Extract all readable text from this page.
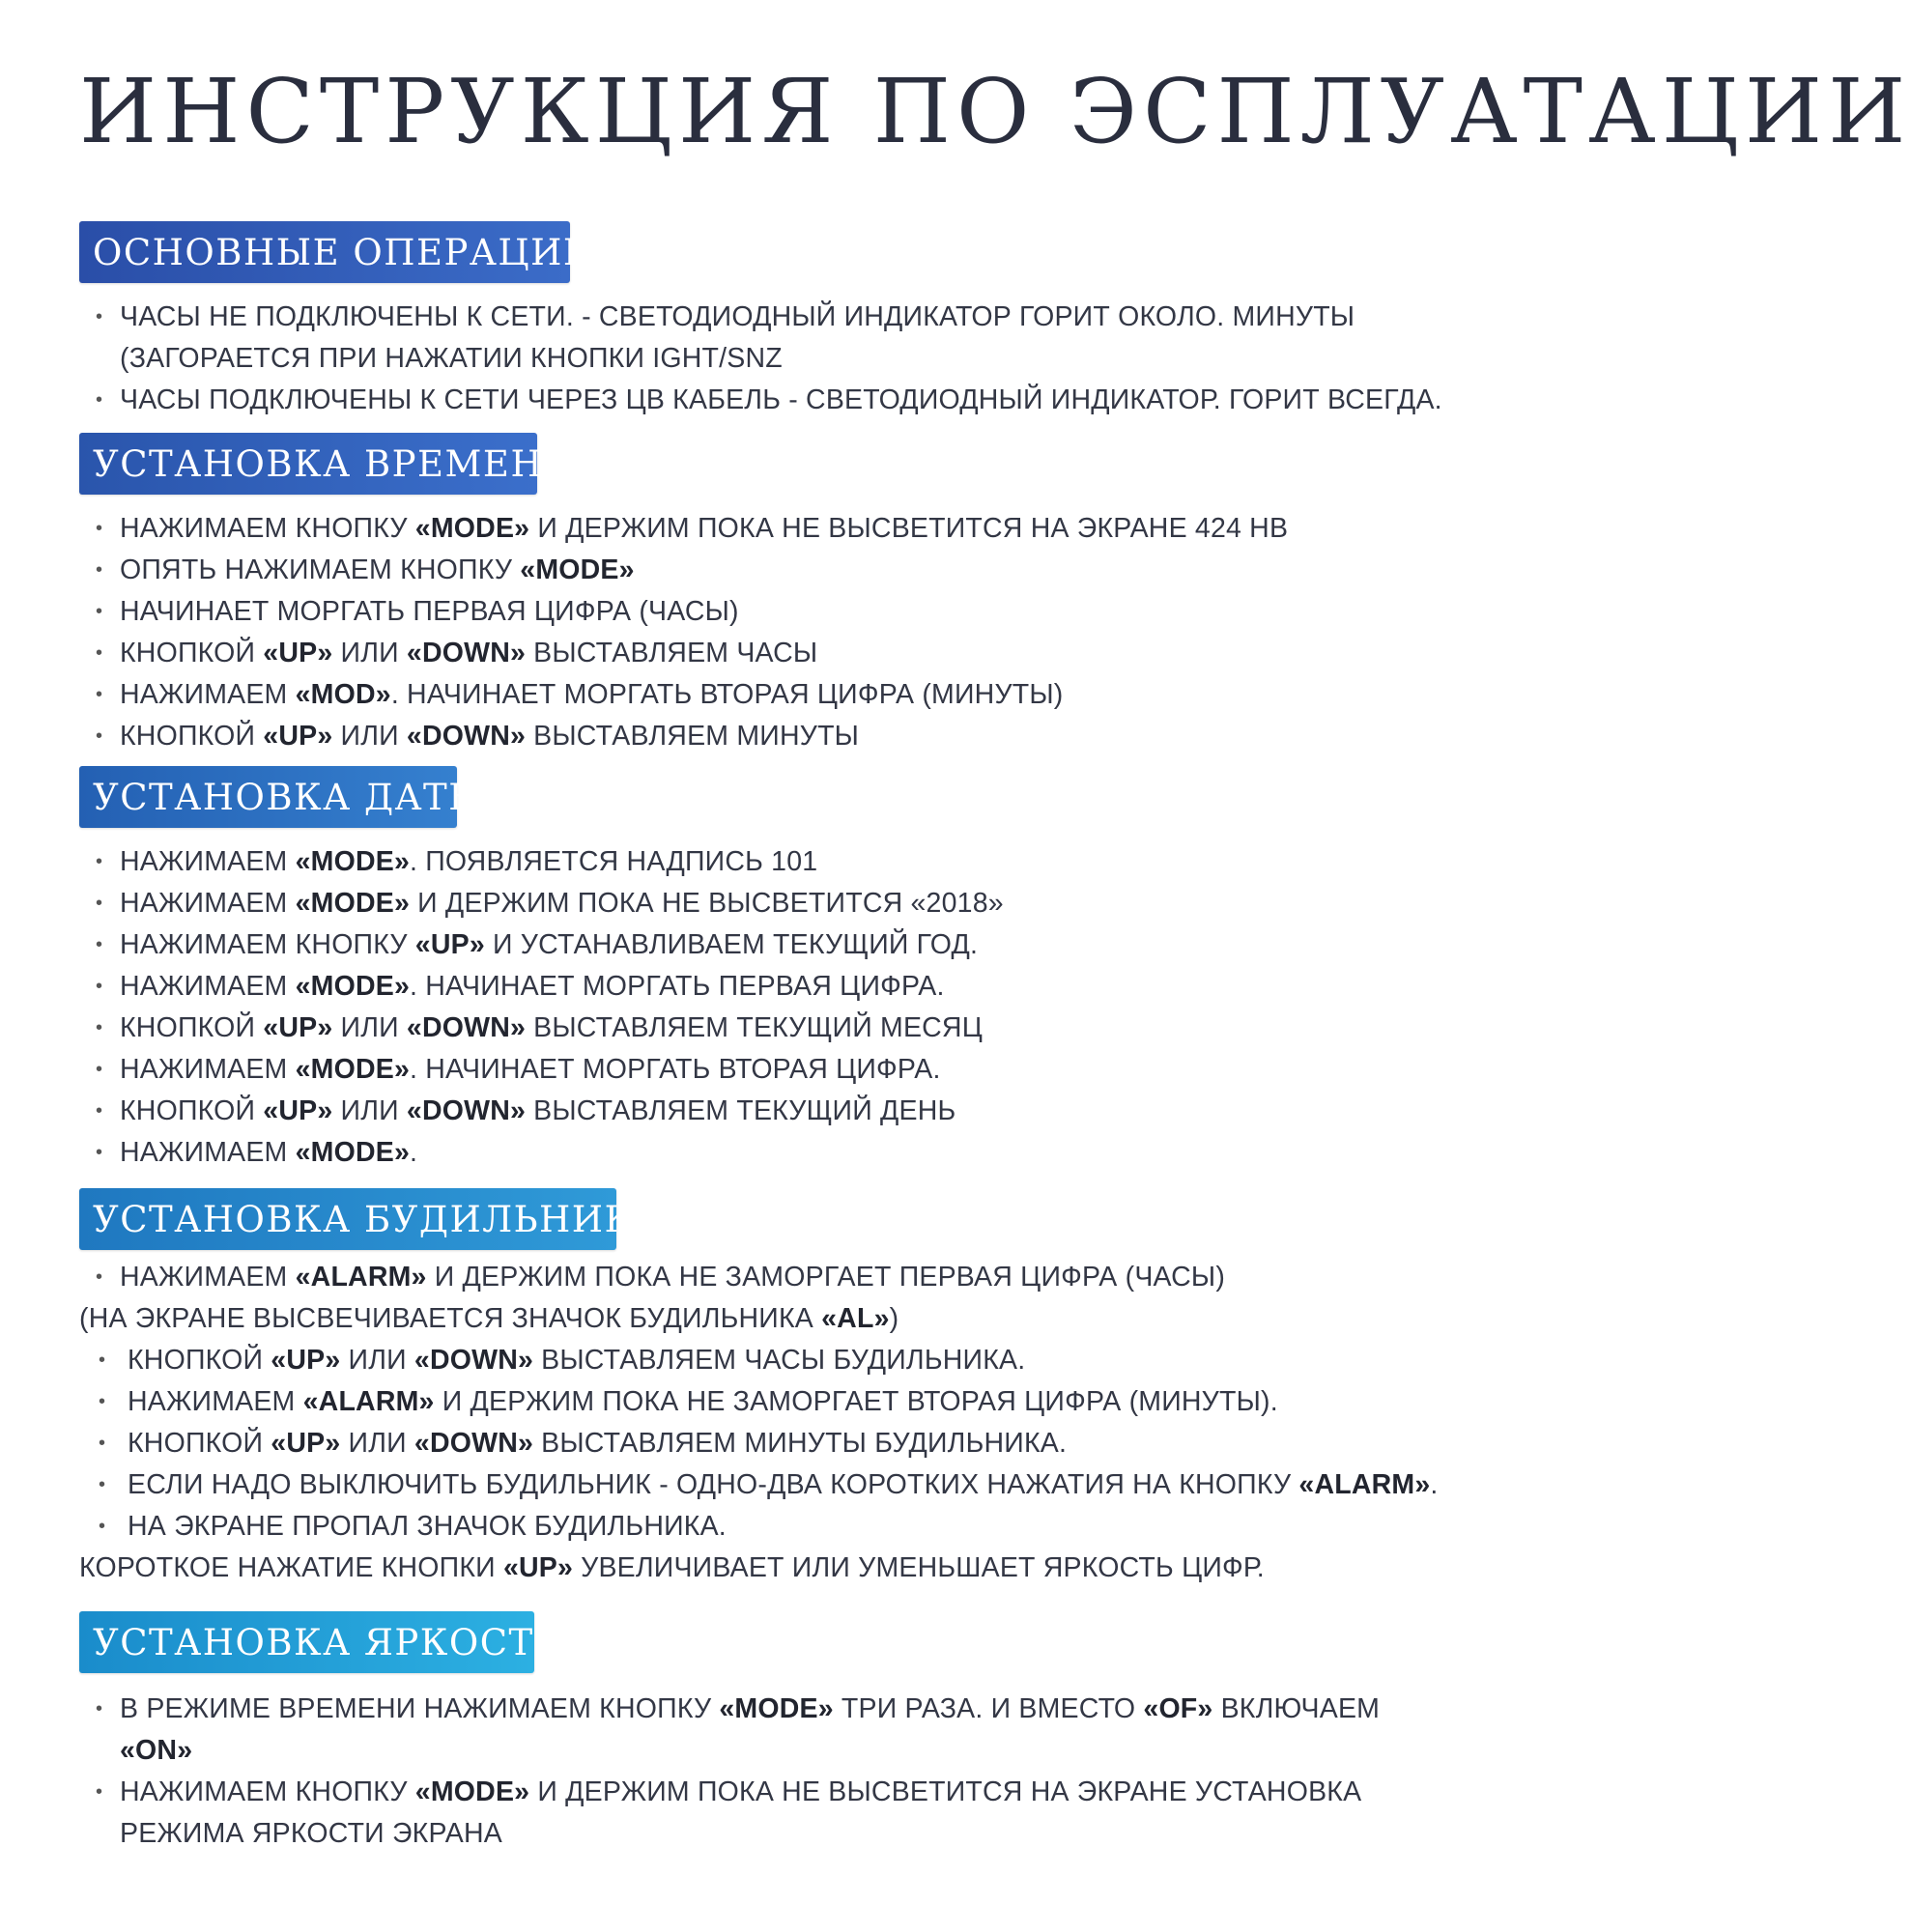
ИНСТРУКЦИЯ ПО ЭСПЛУАТАЦИИ
ОСНОВНЫЕ ОПЕРАЦИИ
• ЧАСЫ НЕ ПОДКЛЮЧЕНЫ К СЕТИ. - СВЕТОДИОДНЫЙ ИНДИКАТОР ГОРИТ ОКОЛО. МИНУТЫ
(ЗАГОРАЕТСЯ ПРИ НАЖАТИИ КНОПКИ IGHT/SNZ
• ЧАСЫ ПОДКЛЮЧЕНЫ К СЕТИ ЧЕРЕЗ ЦВ КАБЕЛЬ - СВЕТОДИОДНЫЙ ИНДИКАТОР. ГОРИТ ВСЕГДА.
УСТАНОВКА ВРЕМЕНИ
• НАЖИМАЕМ КНОПКУ «MODE» И ДЕРЖИМ ПОКА НЕ ВЫСВЕТИТСЯ НА ЭКРАНЕ 424 НВ
• ОПЯТЬ НАЖИМАЕМ КНОПКУ «MODE»
• НАЧИНАЕТ МОРГАТЬ ПЕРВАЯ ЦИФРА (ЧАСЫ)
• КНОПКОЙ «UP» ИЛИ «DOWN» ВЫСТАВЛЯЕМ ЧАСЫ
• НАЖИМАЕМ «MOD». НАЧИНАЕТ МОРГАТЬ ВТОРАЯ ЦИФРА (МИНУТЫ)
• КНОПКОЙ «UP» ИЛИ «DOWN» ВЫСТАВЛЯЕМ МИНУТЫ
УСТАНОВКА ДАТЫ
• НАЖИМАЕМ «MODE». ПОЯВЛЯЕТСЯ НАДПИСЬ 101
• НАЖИМАЕМ «MODE» И ДЕРЖИМ ПОКА НЕ ВЫСВЕТИТСЯ «2018»
• НАЖИМАЕМ КНОПКУ «UP» И УСТАНАВЛИВАЕМ ТЕКУЩИЙ ГОД.
• НАЖИМАЕМ «MODE». НАЧИНАЕТ МОРГАТЬ ПЕРВАЯ ЦИФРА.
• КНОПКОЙ «UP» ИЛИ «DOWN» ВЫСТАВЛЯЕМ ТЕКУЩИЙ МЕСЯЦ
• НАЖИМАЕМ «MODE». НАЧИНАЕТ МОРГАТЬ ВТОРАЯ ЦИФРА.
• КНОПКОЙ «UP» ИЛИ «DOWN» ВЫСТАВЛЯЕМ ТЕКУЩИЙ ДЕНЬ
• НАЖИМАЕМ «MODE».
УСТАНОВКА БУДИЛЬНИКА
• НАЖИМАЕМ «ALARM» И ДЕРЖИМ ПОКА НЕ ЗАМОРГАЕТ ПЕРВАЯ ЦИФРА (ЧАСЫ)
(НА ЭКРАНЕ ВЫСВЕЧИВАЕТСЯ ЗНАЧОК БУДИЛЬНИКА «AL»)
• КНОПКОЙ «UP» ИЛИ «DOWN» ВЫСТАВЛЯЕМ ЧАСЫ БУДИЛЬНИКА.
• НАЖИМАЕМ «ALARM» И ДЕРЖИМ ПОКА НЕ ЗАМОРГАЕТ ВТОРАЯ ЦИФРА (МИНУТЫ).
• КНОПКОЙ «UP» ИЛИ «DOWN» ВЫСТАВЛЯЕМ МИНУТЫ БУДИЛЬНИКА.
• ЕСЛИ НАДО ВЫКЛЮЧИТЬ БУДИЛЬНИК - ОДНО-ДВА КОРОТКИХ НАЖАТИЯ НА КНОПКУ «ALARM».
• НА ЭКРАНЕ ПРОПАЛ ЗНАЧОК БУДИЛЬНИКА.
КОРОТКОЕ НАЖАТИЕ КНОПКИ «UP» УВЕЛИЧИВАЕТ ИЛИ УМЕНЬШАЕТ ЯРКОСТЬ ЦИФР.
УСТАНОВКА ЯРКОСТИ
• В РЕЖИМЕ ВРЕМЕНИ НАЖИМАЕМ КНОПКУ «MODE» ТРИ РАЗА. И ВМЕСТО «OF» ВКЛЮЧАЕМ
«ON»
• НАЖИМАЕМ КНОПКУ «MODE» И ДЕРЖИМ ПОКА НЕ ВЫСВЕТИТСЯ НА ЭКРАНЕ УСТАНОВКА
РЕЖИМА ЯРКОСТИ ЭКРАНА
